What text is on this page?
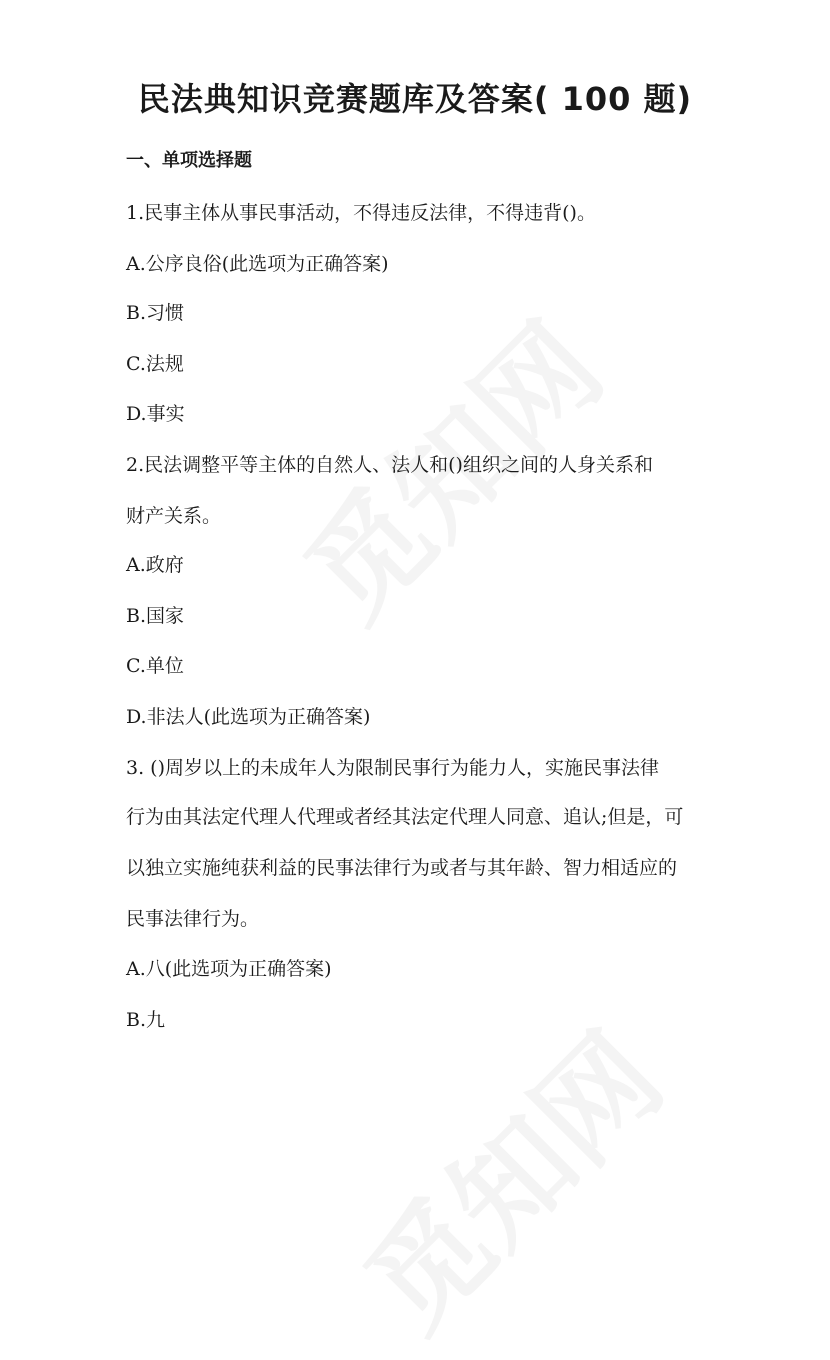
民法典知识竞赛题库及答案( 100 题)
一、单项选择题
1.民事主体从事民事活动，不得违反法律，不得违背()。
A.公序良俗(此选项为正确答案)
B.习惯
C.法规
D.事实
2.民法调整平等主体的自然人、法人和()组织之间的人身关系和
财产关系。
A.政府
B.国家
C.单位
D.非法人(此选项为正确答案)
3. ()周岁以上的未成年人为限制民事行为能力人，实施民事法律
行为由其法定代理人代理或者经其法定代理人同意、追认;但是，可
以独立实施纯获利益的民事法律行为或者与其年龄、智力相适应的
民事法律行为。
A.八(此选项为正确答案)
B.九
